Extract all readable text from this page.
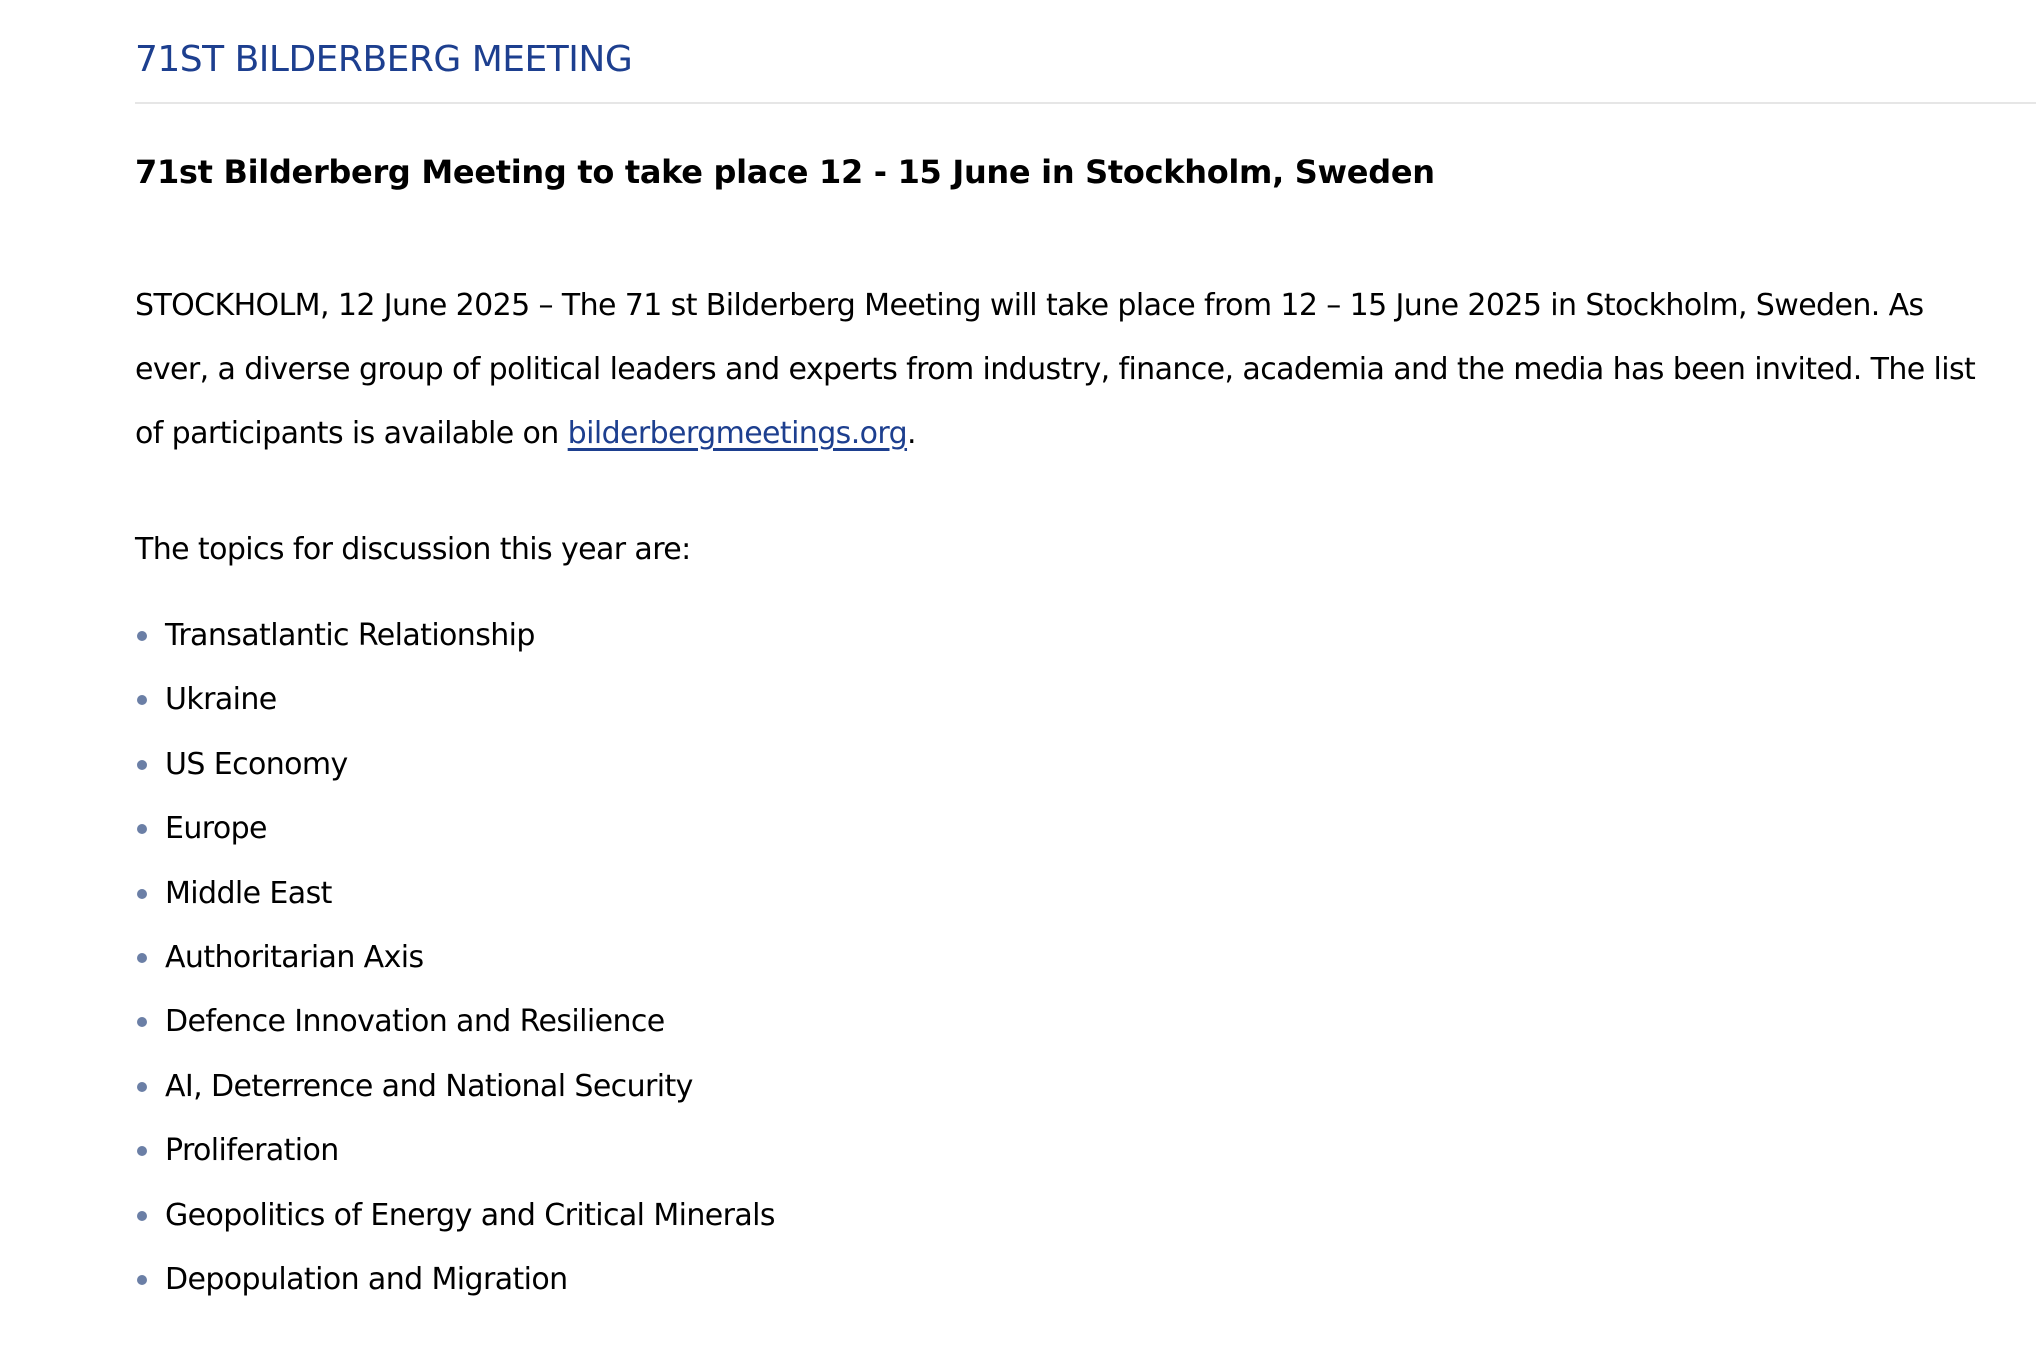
71ST BILDERBERG MEETING
71st Bilderberg Meeting to take place 12 - 15 June in Stockholm, Sweden

STOCKHOLM, 12 June 2025 – The 71 st Bilderberg Meeting will take place from 12 – 15 June 2025 in Stockholm, Sweden. As ever, a diverse group of political leaders and experts from industry, finance, academia and the media has been invited. The list of participants is available on bilderbergmeetings.org.

The topics for discussion this year are:

Transatlantic Relationship
Ukraine
US Economy
Europe
Middle East
Authoritarian Axis
Defence Innovation and Resilience
AI, Deterrence and National Security
Proliferation
Geopolitics of Energy and Critical Minerals
Depopulation and Migration
